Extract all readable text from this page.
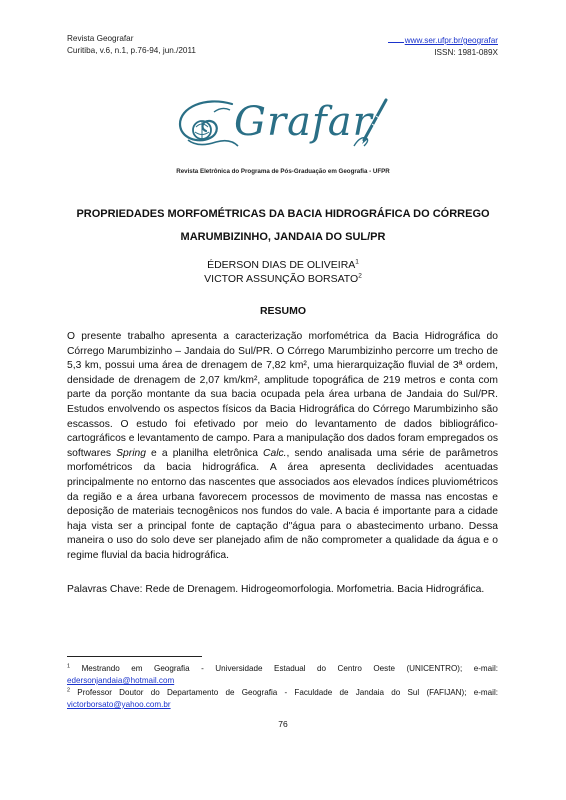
Revista Geografar
Curitiba, v.6, n.1, p.76-94, jun./2011
www.ser.ufpr.br/geografar
ISSN: 1981-089X
Grafar
Revista Eletrônica do Programa de Pós-Graduação em Geografia - UFPR
PROPRIEDADES MORFOMÉTRICAS DA BACIA HIDROGRÁFICA DO CÓRREGO
MARUMBIZINHO, JANDAIA DO SUL/PR
ÉDERSON DIAS DE OLIVEIRA$^1$
VICTOR ASSUNÇÃO BORSATO$^2$
RESUMO

O presente trabalho apresenta a caracterização morfométrica da Bacia Hidrográfica do Córrego Marumbizinho – Jandaia do Sul/PR. O Córrego Marumbizinho percorre um trecho de 5,3 km, possui uma área de drenagem de 7,82 km², uma hierarquização fluvial de 3ª ordem, densidade de drenagem de 2,07 km/km², amplitude topográfica de 219 metros e conta com parte da porção montante da sua bacia ocupada pela área urbana de Jandaia do Sul/PR. Estudos envolvendo os aspectos físicos da Bacia Hidrográfica do Córrego Marumbizinho são escassos. O estudo foi efetivado por meio do levantamento de dados bibliográfico-cartográficos e levantamento de campo. Para a manipulação dos dados foram empregados os softwares Spring e a planilha eletrônica Calc., sendo analisada uma série de parâmetros morfométricos da bacia hidrográfica. A área apresenta declividades acentuadas principalmente no entorno das nascentes que associados aos elevados índices pluviométricos da região e a área urbana favorecem processos de movimento de massa nas encostas e deposição de materiais tecnogênicos nos fundos do vale. A bacia é importante para a cidade haja vista ser a principal fonte de captação d"água para o abastecimento urbano. Dessa maneira o uso do solo deve ser planejado afim de não comprometer a qualidade da água e o regime fluvial da bacia hidrográfica.

Palavras Chave: Rede de Drenagem. Hidrogeomorfologia. Morfometria. Bacia Hidrográfica.

$^1$ Mestrando em Geografia - Universidade Estadual do Centro Oeste (UNICENTRO); e-mail: edersonjandaia@hotmail.com

$^2$ Professor Doutor do Departamento de Geografia - Faculdade de Jandaia do Sul (FAFIJAN); e-mail: victorborsato@yahoo.com.br

76
